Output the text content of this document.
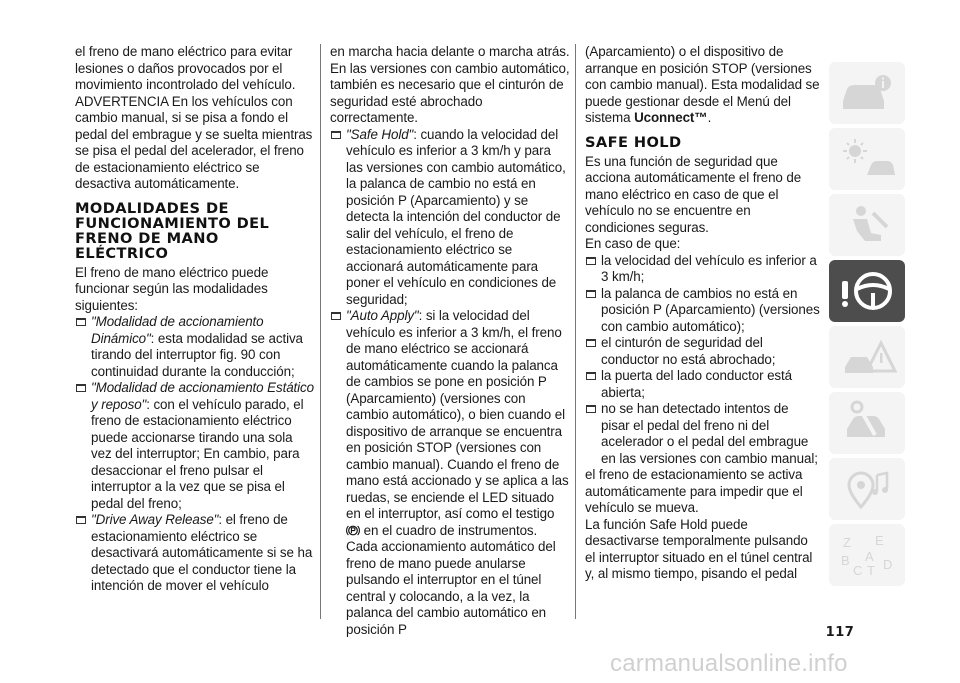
el freno de mano eléctrico para evitar lesiones o daños provocados por el movimiento incontrolado del vehículo.

ADVERTENCIA En los vehículos con cambio manual, si se pisa a fondo el pedal del embrague y se suelta mientras se pisa el pedal del acelerador, el freno de estacionamiento eléctrico se desactiva automáticamente.

MODALIDADES DE FUNCIONAMIENTO DEL FRENO DE MANO ELÉCTRICO

El freno de mano eléctrico puede funcionar según las modalidades siguientes:

"Modalidad de accionamiento Dinámico": esta modalidad se activa tirando del interruptor fig. 90 con continuidad durante la conducción;
"Modalidad de accionamiento Estático y reposo": con el vehículo parado, el freno de estacionamiento eléctrico puede accionarse tirando una sola vez del interruptor; En cambio, para desaccionar el freno pulsar el interruptor a la vez que se pisa el pedal del freno;
"Drive Away Release": el freno de estacionamiento eléctrico se desactivará automáticamente si se ha detectado que el conductor tiene la intención de mover el vehículo

en marcha hacia delante o marcha atrás. En las versiones con cambio automático, también es necesario que el cinturón de seguridad esté abrochado correctamente.

"Safe Hold": cuando la velocidad del vehículo es inferior a 3 km/h y para las versiones con cambio automático, la palanca de cambio no está en posición P (Aparcamiento) y se detecta la intención del conductor de salir del vehículo, el freno de estacionamiento eléctrico se accionará automáticamente para poner el vehículo en condiciones de seguridad;
"Auto Apply": si la velocidad del vehículo es inferior a 3 km/h, el freno de mano eléctrico se accionará automáticamente cuando la palanca de cambios se pone en posición P (Aparcamiento) (versiones con cambio automático), o bien cuando el dispositivo de arranque se encuentra en posición STOP (versiones con cambio manual). Cuando el freno de mano está accionado y se aplica a las ruedas, se enciende el LED situado en el interruptor, así como el testigo  en el cuadro de instrumentos. Cada accionamiento automático del freno de mano puede anularse pulsando el interruptor en el túnel central y colocando, a la vez, la palanca del cambio automático en posición P

(Aparcamiento) o el dispositivo de arranque en posición STOP (versiones con cambio manual). Esta modalidad se puede gestionar desde el Menú del sistema Uconnect™.

SAFE HOLD

Es una función de seguridad que acciona automáticamente el freno de mano eléctrico en caso de que el vehículo no se encuentre en condiciones seguras.

En caso de que:

la velocidad del vehículo es inferior a 3 km/h;
la palanca de cambios no está en posición P (Aparcamiento) (versiones con cambio automático);
el cinturón de seguridad del conductor no está abrochado;
la puerta del lado conductor está abierta;
no se han detectado intentos de pisar el pedal del freno ni del acelerador o el pedal del embrague en las versiones con cambio manual;

el freno de estacionamiento se activa automáticamente para impedir que el vehículo se mueva.

La función Safe Hold puede desactivarse temporalmente pulsando el interruptor situado en el túnel central y, al mismo tiempo, pisando el pedal

Z E
B A
C D
T
117
carmanualsonline.info
